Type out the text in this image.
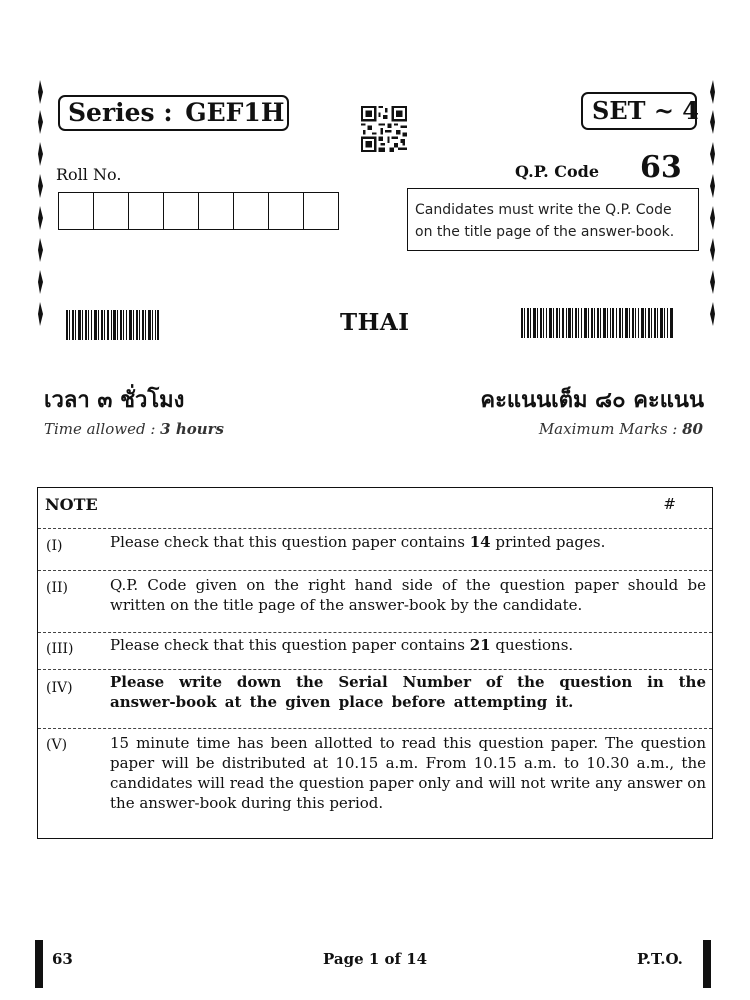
Series : GEF1H	SET ~ 4
Roll No.	Q.P. Code 63
Candidates must write the Q.P. Code on the title page of the answer-book.
THAI
เวลา ๓ ชั่วโมง	คะแนนเต็ม ๘๐ คะแนน
Time allowed : 3 hours	Maximum Marks : 80
NOTE	#
(I)	Please check that this question paper contains 14 printed pages.
(II)	Q.P. Code given on the right hand side of the question paper should be written on the title page of the answer-book by the candidate.
(III) Please check that this question paper contains 21 questions.
(IV) Please write down the Serial Number of the question in the answer-book at the given place before attempting it.
(V)	15 minute time has been allotted to read this question paper. The question paper will be distributed at 10.15 a.m. From 10.15 a.m. to 10.30 a.m., the candidates will read the question paper only and will not write any answer on the answer-book during this period.
63	Page 1 of 14	P.T.O.
